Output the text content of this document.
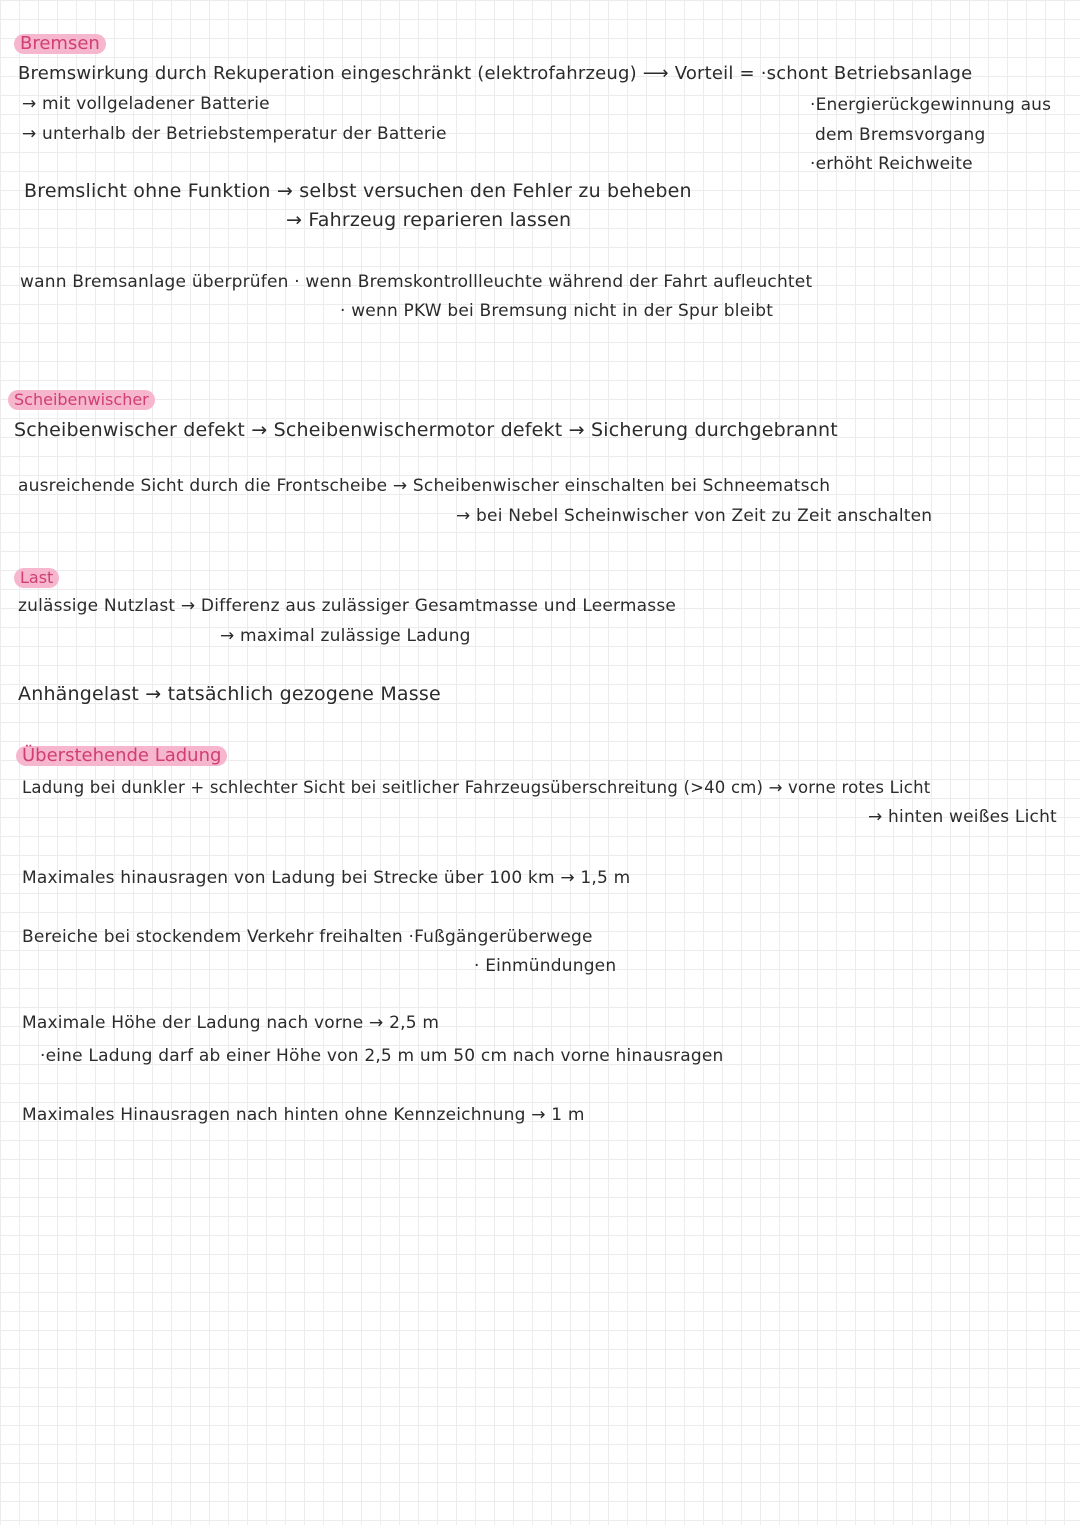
Bremsen
Bremswirkung durch Rekuperation eingeschränkt (elektrofahrzeug) ⟶ Vorteil = ·schont Betriebsanlage
→ mit vollgeladener Batterie
→ unterhalb der Betriebstemperatur der Batterie
·Energierückgewinnung aus
dem Bremsvorgang
·erhöht Reichweite
Bremslicht ohne Funktion → selbst versuchen den Fehler zu beheben
→ Fahrzeug reparieren lassen
wann Bremsanlage überprüfen · wenn Bremskontrollleuchte während der Fahrt aufleuchtet
· wenn PKW bei Bremsung nicht in der Spur bleibt
Scheibenwischer
Scheibenwischer defekt → Scheibenwischermotor defekt → Sicherung durchgebrannt
ausreichende Sicht durch die Frontscheibe → Scheibenwischer einschalten bei Schneematsch
→ bei Nebel Scheinwischer von Zeit zu Zeit anschalten
Last
zulässige Nutzlast → Differenz aus zulässiger Gesamtmasse und Leermasse
→ maximal zulässige Ladung
Anhängelast → tatsächlich gezogene Masse
Überstehende Ladung
Ladung bei dunkler + schlechter Sicht bei seitlicher Fahrzeugsüberschreitung (>40 cm) → vorne rotes Licht
→ hinten weißes Licht
Maximales hinausragen von Ladung bei Strecke über 100 km → 1,5 m
Bereiche bei stockendem Verkehr freihalten ·Fußgängerüberwege
· Einmündungen
Maximale Höhe der Ladung nach vorne → 2,5 m
·eine Ladung darf ab einer Höhe von 2,5 m um 50 cm nach vorne hinausragen
Maximales Hinausragen nach hinten ohne Kennzeichnung → 1 m
